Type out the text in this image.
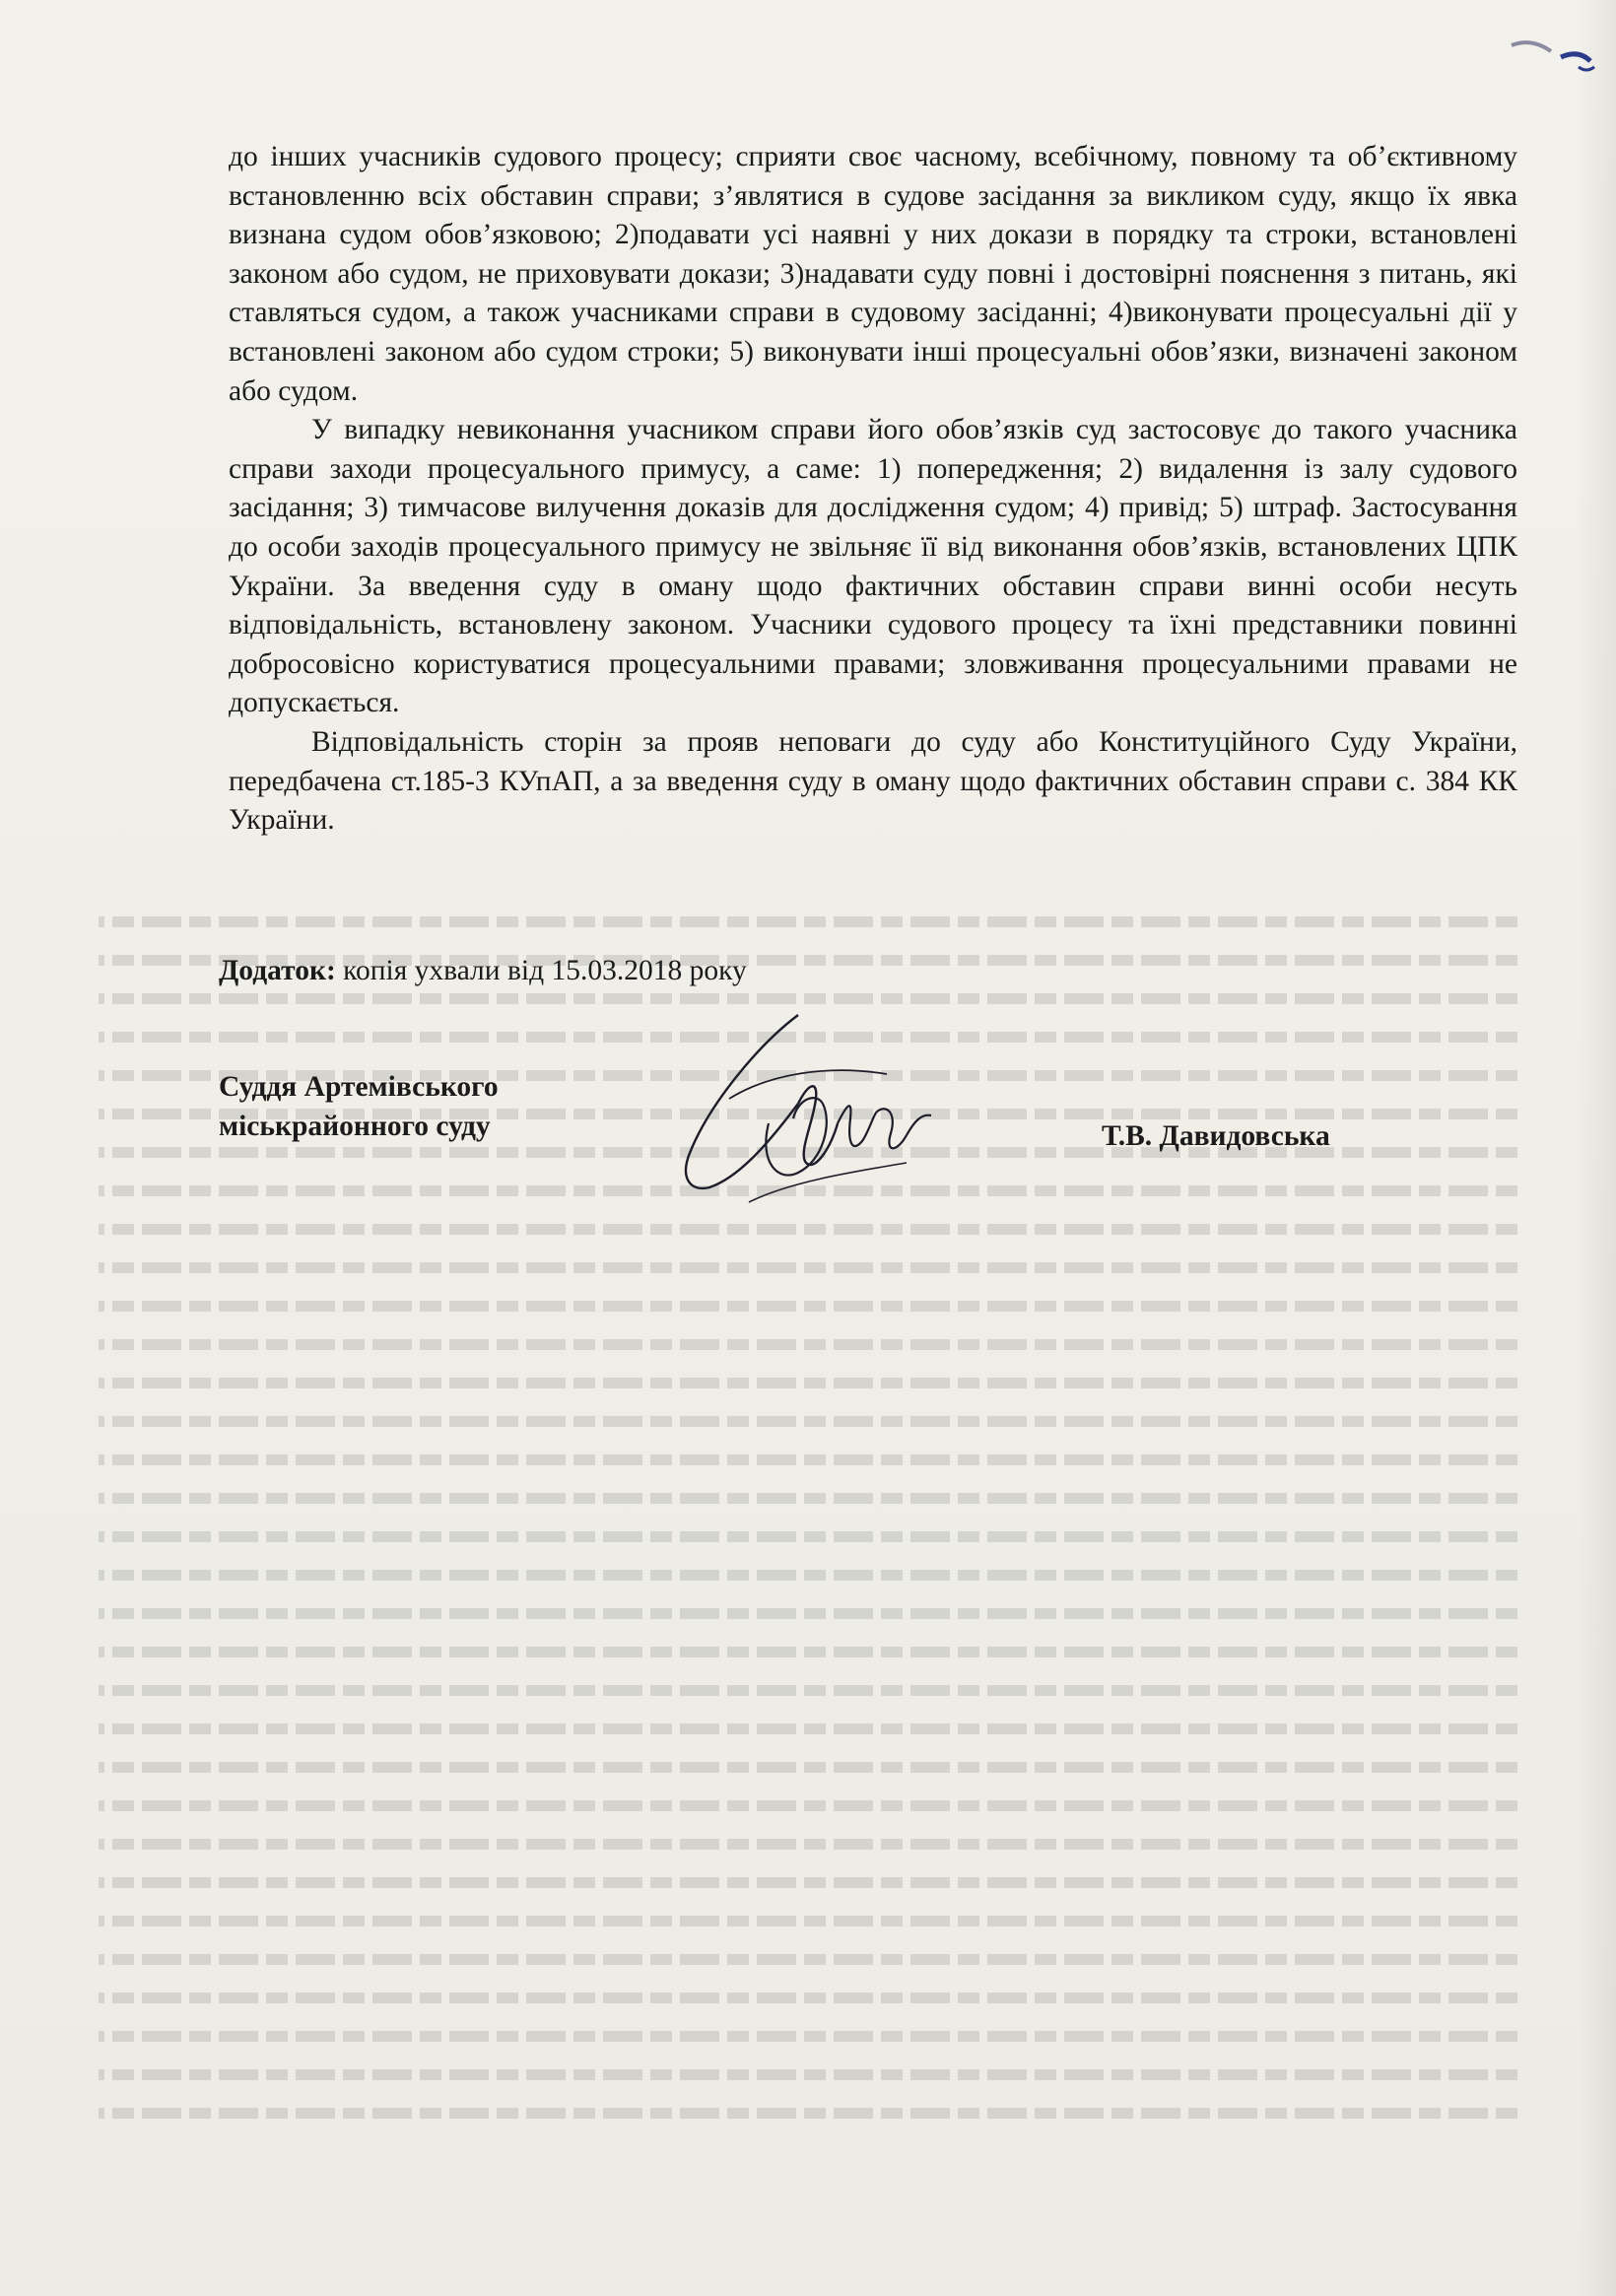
до інших учасників судового процесу; сприяти своє часному, всебічному, повному та об’єктивному встановленню всіх обставин справи; з’являтися в судове засідання за викликом суду, якщо їх явка визнана судом обов’язковою; 2)подавати усі наявні у них докази в порядку та строки, встановлені законом або судом, не приховувати докази; 3)надавати суду повні і достовірні пояснення з питань, які ставляться судом, а також учасниками справи в судовому засіданні; 4)виконувати процесуальні дії у встановлені законом або судом строки; 5) виконувати інші процесуальні обов’язки, визначені законом або судом.

У випадку невиконання учасником справи його обов’язків суд застосовує до такого учасника справи заходи процесуального примусу, а саме: 1) попередження; 2) видалення із залу судового засідання; 3) тимчасове вилучення доказів для дослідження судом; 4) привід; 5) штраф. Застосування до особи заходів процесуального примусу не звільняє її від виконання обов’язків, встановлених ЦПК України. За введення суду в оману щодо фактичних обставин справи винні особи несуть відповідальність, встановлену законом. Учасники судового процесу та їхні представники повинні добросовісно користуватися процесуальними правами; зловживання процесуальними правами не допускається.

Відповідальність сторін за прояв неповаги до суду або Конституційного Суду України, передбачена ст.185-3 КУпАП, а за введення суду в оману щодо фактичних обставин справи с. 384 КК України.

Додаток: копія ухвали від 15.03.2018 року
Суддя Артемівського
міськрайонного суду	Т.В. Давидовська
